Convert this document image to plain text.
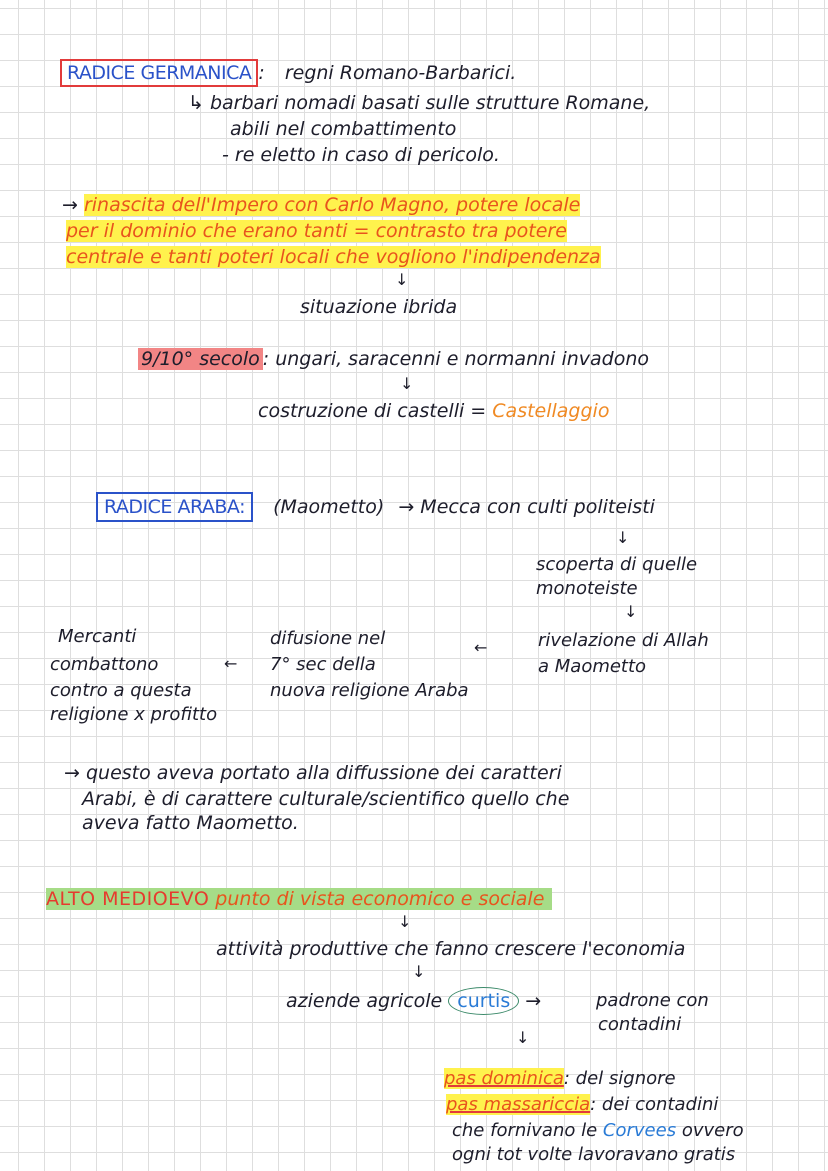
RADICE GERMANICA : regni Romano-Barbarici.
↳ barbari nomadi basati sulle strutture Romane,
abili nel combattimento
- re eletto in caso di pericolo.
→ rinascita dell'Impero con Carlo Magno, potere locale
per il dominio che erano tanti = contrasto tra potere
centrale e tanti poteri locali che vogliono l'indipendenza
↓
situazione ibrida
9/10° secolo : ungari, saracenni e normanni invadono
↓
costruzione di castelli = Castellaggio
RADICE ARABA: (Maometto) → Mecca con culti politeisti
↓
scoperta di quelle
monoteiste
↓
rivelazione di Allah
a Maometto
←
difusione nel
7° sec della
nuova religione Araba
←
Mercanti
combattono
contro a questa
religione x profitto
→ questo aveva portato alla diffussione dei caratteri
Arabi, è di carattere culturale/scientifico quello che
aveva fatto Maometto.
ALTO MEDIOEVO punto di vista economico e sociale
↓
attività produttive che fanno crescere l'economia
↓
aziende agricole curtis →	padrone con
contadini
↓
pas dominica: del signore
pas massariccia: dei contadini
che fornivano le Corvees ovvero
ogni tot volte lavoravano gratis
